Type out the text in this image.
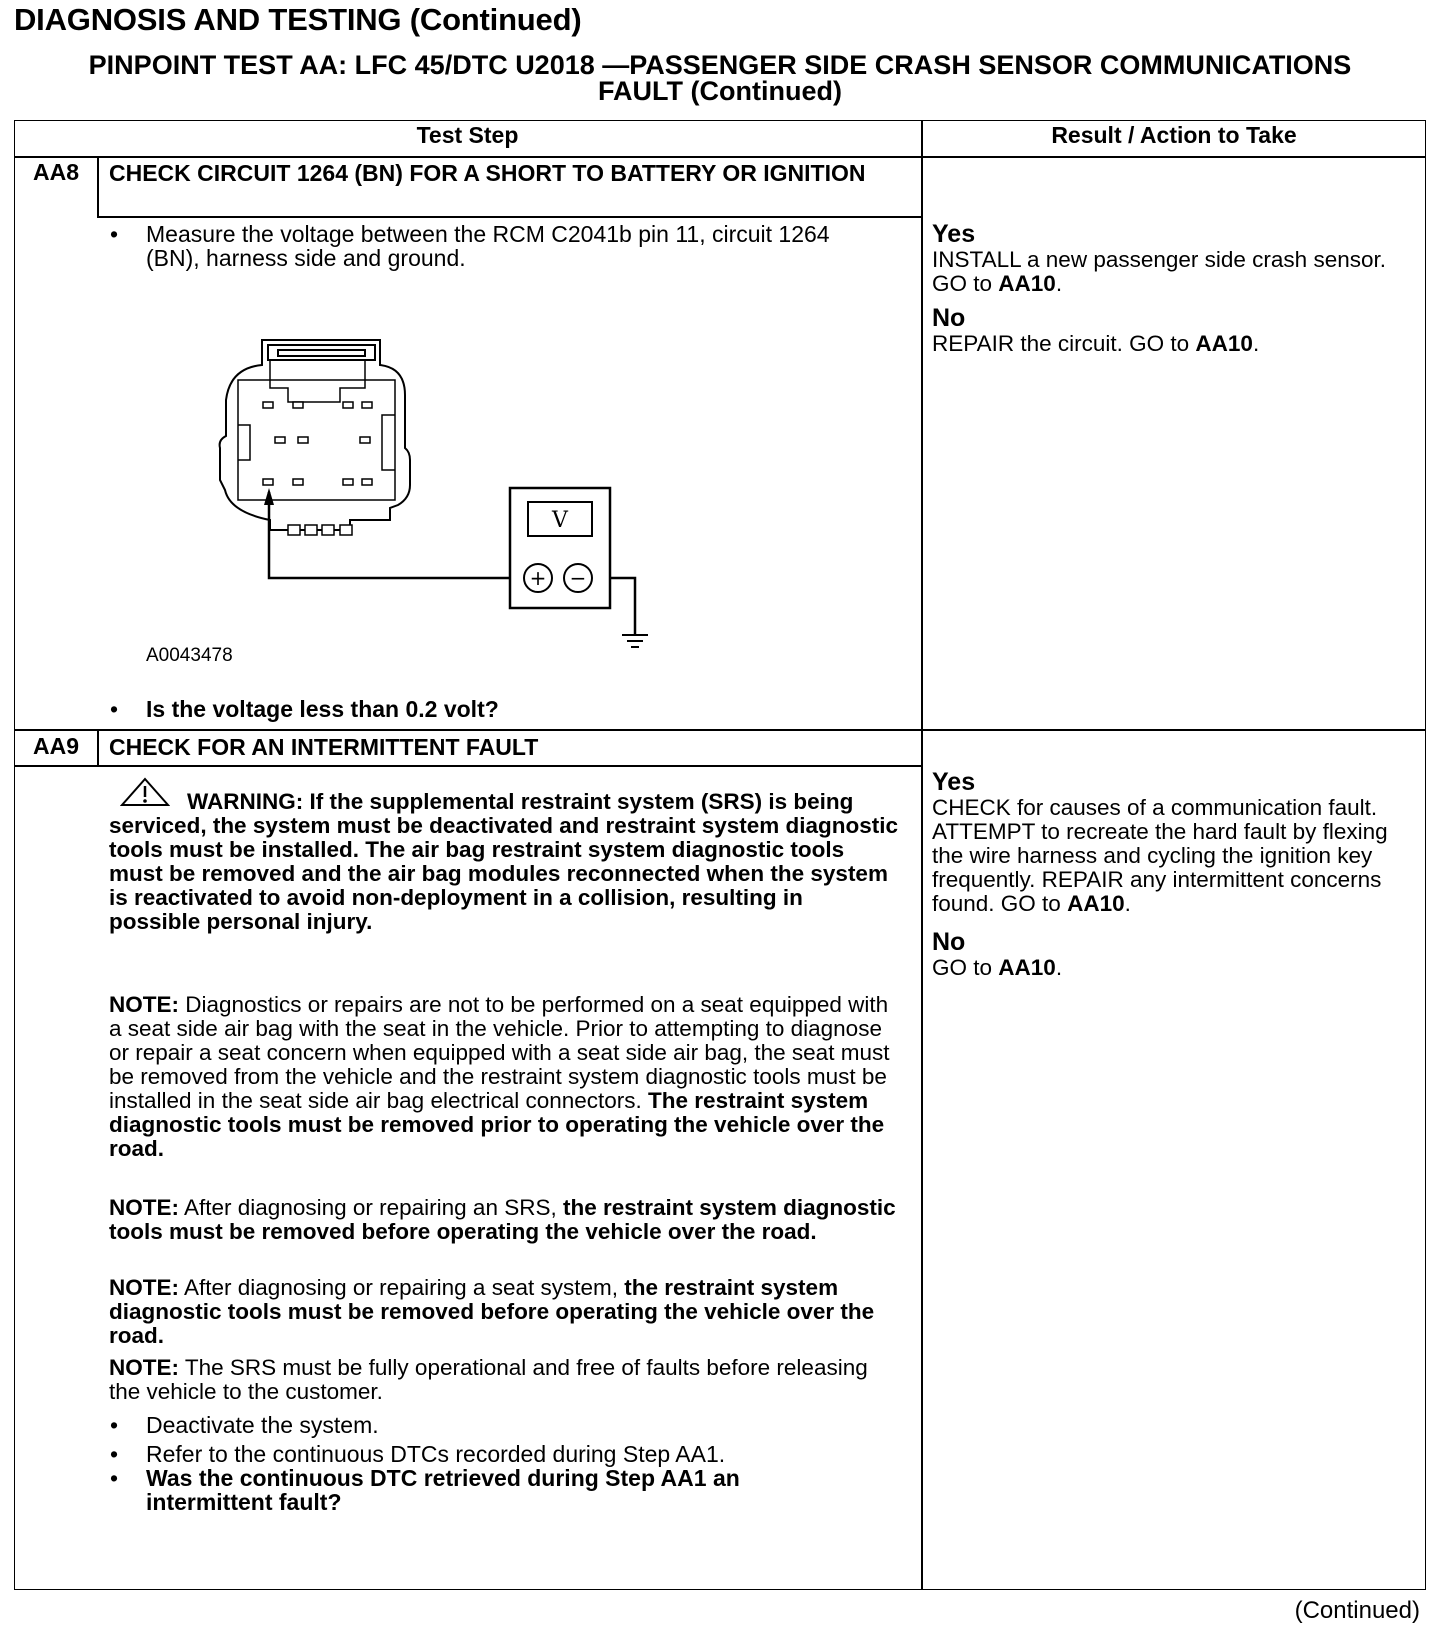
DIAGNOSIS AND TESTING (Continued)
PINPOINT TEST AA: LFC 45/DTC U2018 —PASSENGER SIDE CRASH SENSOR COMMUNICATIONS
FAULT (Continued)
Test Step	Result / Action to Take
AA8	CHECK CIRCUIT 1264 (BN) FOR A SHORT TO BATTERY OR IGNITION
• Measure the voltage between the RCM C2041b pin 11, circuit 1264 (BN), harness side and ground.
V
+ −
A0043478
• Is the voltage less than 0.2 volt?
Yes
INSTALL a new passenger side crash sensor. GO to AA10.
No
REPAIR the circuit. GO to AA10.
AA9	CHECK FOR AN INTERMITTENT FAULT
WARNING: If the supplemental restraint system (SRS) is being serviced, the system must be deactivated and restraint system diagnostic tools must be installed. The air bag restraint system diagnostic tools must be removed and the air bag modules reconnected when the system is reactivated to avoid non-deployment in a collision, resulting in possible personal injury.
NOTE: Diagnostics or repairs are not to be performed on a seat equipped with a seat side air bag with the seat in the vehicle. Prior to attempting to diagnose or repair a seat concern when equipped with a seat side air bag, the seat must be removed from the vehicle and the restraint system diagnostic tools must be installed in the seat side air bag electrical connectors. The restraint system diagnostic tools must be removed prior to operating the vehicle over the road.
NOTE: After diagnosing or repairing an SRS, the restraint system diagnostic tools must be removed before operating the vehicle over the road.
NOTE: After diagnosing or repairing a seat system, the restraint system diagnostic tools must be removed before operating the vehicle over the road.
NOTE: The SRS must be fully operational and free of faults before releasing the vehicle to the customer.
• Deactivate the system.
• Refer to the continuous DTCs recorded during Step AA1.
• Was the continuous DTC retrieved during Step AA1 an intermittent fault?
Yes
CHECK for causes of a communication fault. ATTEMPT to recreate the hard fault by flexing the wire harness and cycling the ignition key frequently. REPAIR any intermittent concerns found. GO to AA10.
No
GO to AA10.
(Continued)
